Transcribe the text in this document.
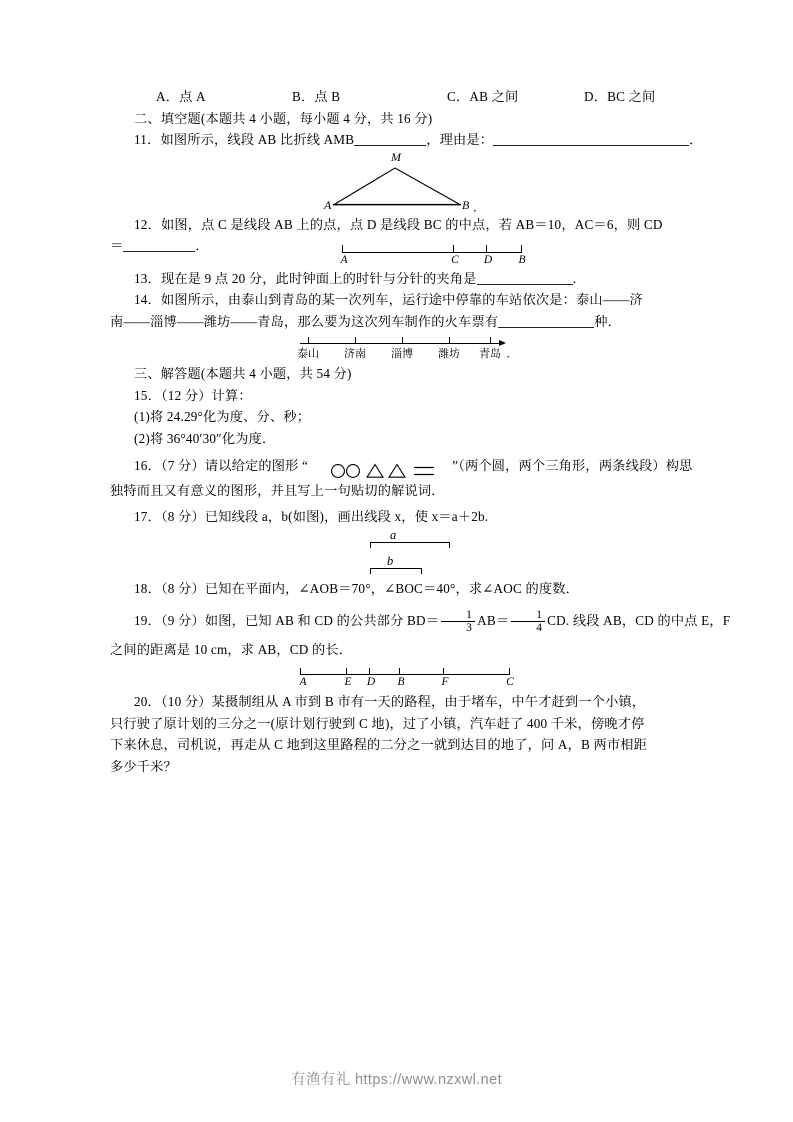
A．点 A	B．点 B	C．AB 之间	D．BC 之间
二、填空题(本题共 4 小题，每小题 4 分，共 16 分)
11．如图所示，线段 AB 比折线 AMB	，理由是：	．
M
A	B ．
12．如图，点 C 是线段 AB 上的点，点 D 是线段 BC 的中点，若 AB＝10，AC＝6，则 CD
＝	．
A	C D B
13．现在是 9 点 20 分，此时钟面上的时针与分针的夹角是	．
14．如图所示，由泰山到青岛的某一次列车，运行途中停靠的车站依次是：泰山——济
南——淄博——潍坊——青岛，那么要为这次列车制作的火车票有	种．
泰山 济南 淄博 潍坊 青岛 ．
三、解答题(本题共 4 小题，共 54 分)
15．（12 分）计算：
(1)将 24.29°化为度、分、秒；
(2)将 36°40′30″化为度．
16．（7 分）请以给定的图形 “	”（两个圆，两个三角形，两条线段）构思
独特而且又有意义的图形，并且写上一句贴切的解说词．
17．（8 分）已知线段 a，b(如图)，画出线段 x，使 x＝a＋2b.
a
b
18．（8 分）已知在平面内，∠AOB＝70°，∠BOC＝40°，求∠AOC 的度数．
19．（9 分）如图，已知 AB 和 CD 的公共部分 $BD= \frac{1}{3} AB= \frac{1}{4}$ CD. 线段 AB，CD 的中点 E，F
之间的距离是 10 cm，求 AB，CD 的长．
A	E D B	F	C
20．（10 分）某摄制组从 A 市到 B 市有一天的路程，由于堵车，中午才赶到一个小镇，
只行驶了原计划的三分之一(原计划行驶到 C 地)，过了小镇，汽车赶了 400 千米，傍晚才停
下来休息，司机说，再走从 C 地到这里路程的二分之一就到达目的地了，问 A，B 两市相距
多少千米？
有渔有礼 https://www.nzxwl.net
